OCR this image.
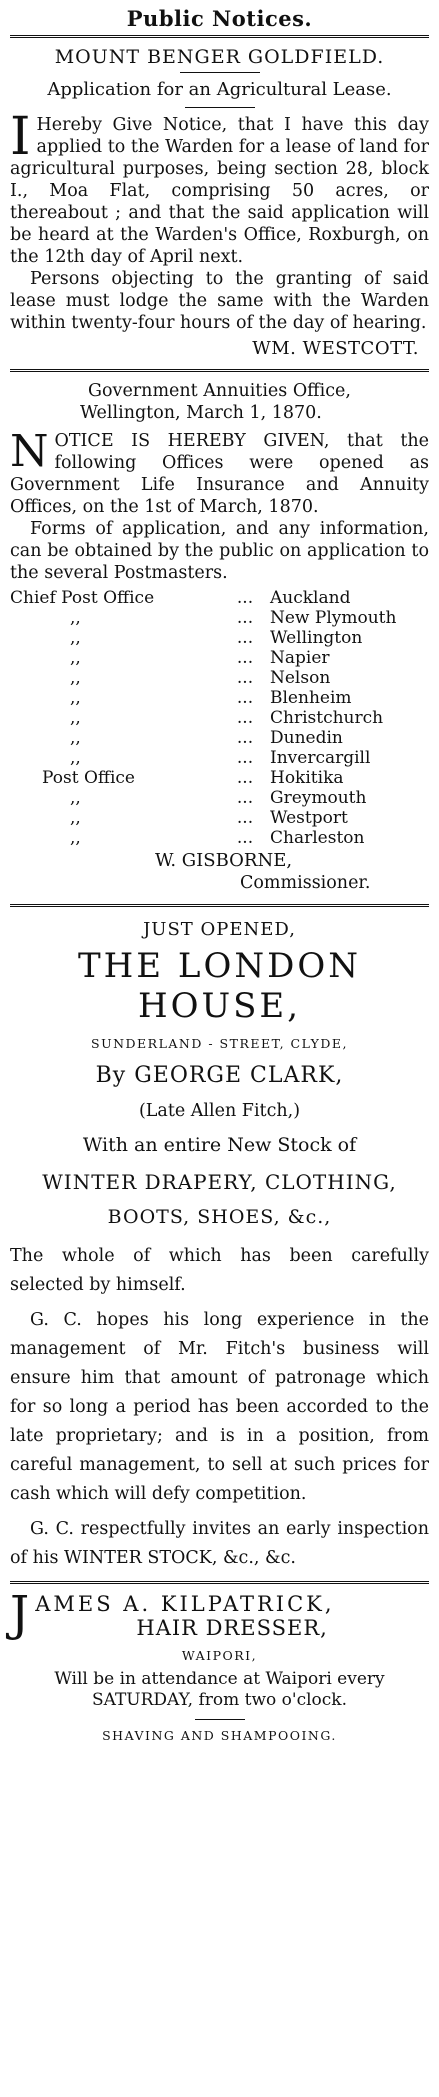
Public Notices.
MOUNT BENGER GOLDFIELD.
Application for an Agricultural Lease.

I Hereby Give Notice, that I have this day applied to the Warden for a lease of land for agricultural purposes, being section 28, block I., Moa Flat, comprising 50 acres, or thereabout ; and that the said application will be heard at the Warden's Office, Roxburgh, on the 12th day of April next.

Persons objecting to the granting of said lease must lodge the same with the Warden within twenty-four hours of the day of hearing.

WM. WESTCOTT.
Government Annuities Office,
Wellington, March 1, 1870.

NOTICE IS HEREBY GIVEN, that the following Offices were opened as Government Life Insurance and Annuity Offices, on the 1st of March, 1870.

Forms of application, and any information, can be obtained by the public on application to the several Postmasters.

Chief Post Office	...	Auckland
,,	...	New Plymouth
,,	...	Wellington
,,	...	Napier
,,	...	Nelson
,,	...	Blenheim
,,	...	Christchurch
,,	...	Dunedin
,,	...	Invercargill
Post Office	...	Hokitika
,,	...	Greymouth
,,	...	Westport
,,	...	Charleston
W. GISBORNE,
Commissioner.
JUST OPENED,
THE LONDON HOUSE,
SUNDERLAND - STREET, CLYDE,
By GEORGE CLARK,
(Late Allen Fitch,)
With an entire New Stock of
WINTER DRAPERY, CLOTHING,
BOOTS, SHOES, &c.,

The whole of which has been carefully selected by himself.

G. C. hopes his long experience in the management of Mr. Fitch's business will ensure him that amount of patronage which for so long a period has been accorded to the late proprietary; and is in a position, from careful management, to sell at such prices for cash which will defy competition.

G. C. respectfully invites an early inspection of his WINTER STOCK, &c., &c.

J AMES A. KILPATRICK,
HAIR DRESSER,
WAIPORI,

Will be in attendance at Waipori every SATURDAY, from two o'clock.

SHAVING AND SHAMPOOING.
